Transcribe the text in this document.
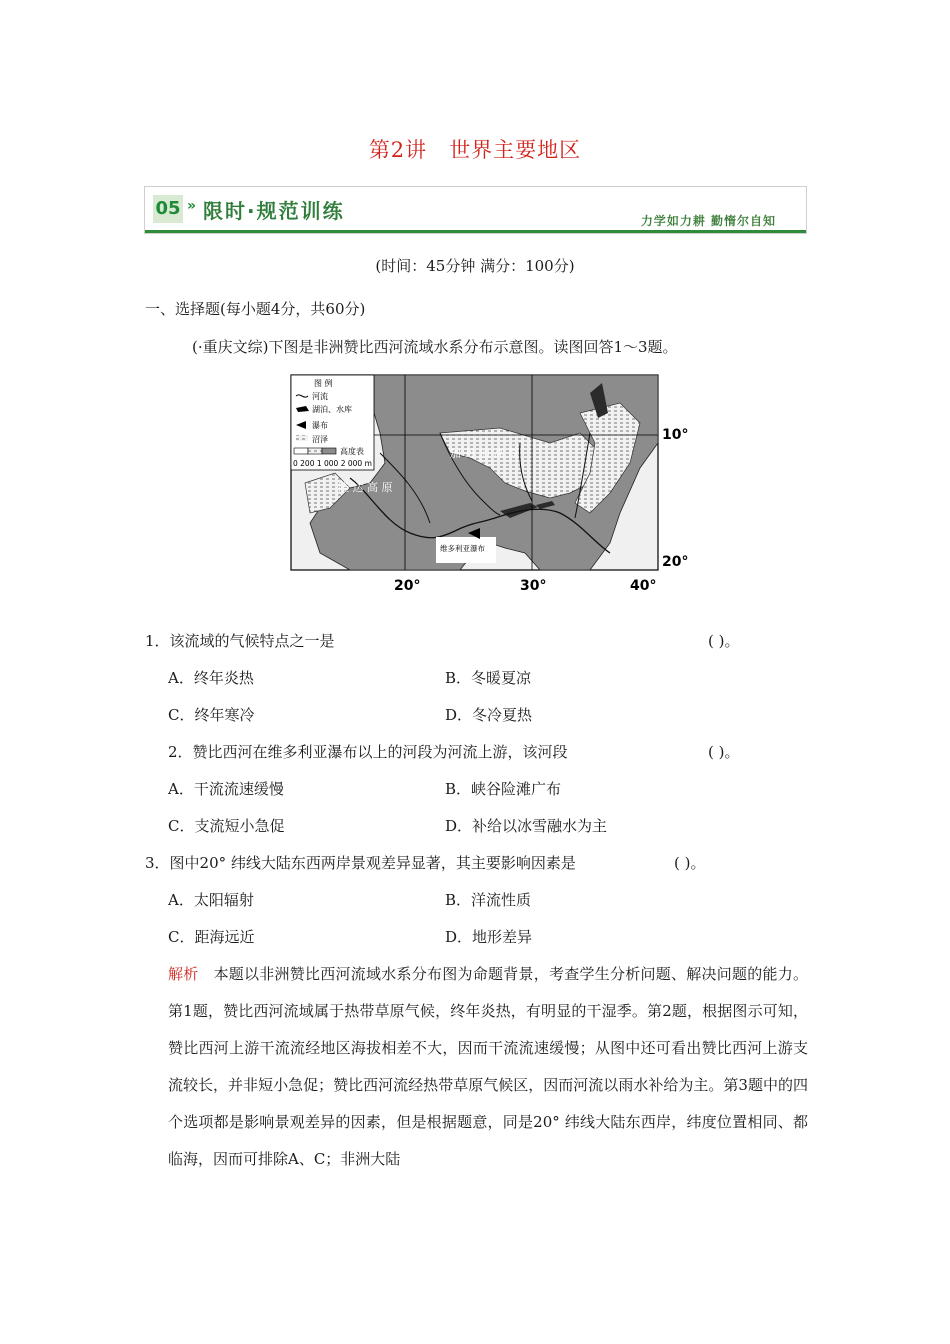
第2讲 世界主要地区
05 » 限时·规范训练	力学如力耕 勤惰尔自知
(时间：45分钟 满分：100分)
一、选择题(每小题4分，共60分)
(·重庆文综)下图是非洲赞比西河流域水系分布示意图。读图回答1～3题。
图 例
河流
湖泊、水库
瀑布
沼泽
高度表
0 200 1 000 2 000 m
加 丹 加 高 原
隆 达 高 原
维多利亚瀑布
10°
20°
20°	30°	40°
1．该流域的气候特点之一是	( )。
A．终年炎热	B．冬暖夏凉
C．终年寒冷	D．冬冷夏热
2．赞比西河在维多利亚瀑布以上的河段为河流上游，该河段	( )。
A．干流流速缓慢	B．峡谷险滩广布
C．支流短小急促	D．补给以冰雪融水为主
3．图中20° 纬线大陆东西两岸景观差异显著，其主要影响因素是	( )。
A．太阳辐射	B．洋流性质
C．距海远近	D．地形差异
解析 本题以非洲赞比西河流域水系分布图为命题背景，考查学生分析问题、解决问题的能力。第1题，赞比西河流域属于热带草原气候，终年炎热，有明显的干湿季。第2题，根据图示可知，赞比西河上游干流流经地区海拔相差不大，因而干流流速缓慢；从图中还可看出赞比西河上游支流较长，并非短小急促；赞比西河流经热带草原气候区，因而河流以雨水补给为主。第3题中的四个选项都是影响景观差异的因素，但是根据题意，同是20° 纬线大陆东西岸，纬度位置相同、都临海，因而可排除A、C；非洲大陆
